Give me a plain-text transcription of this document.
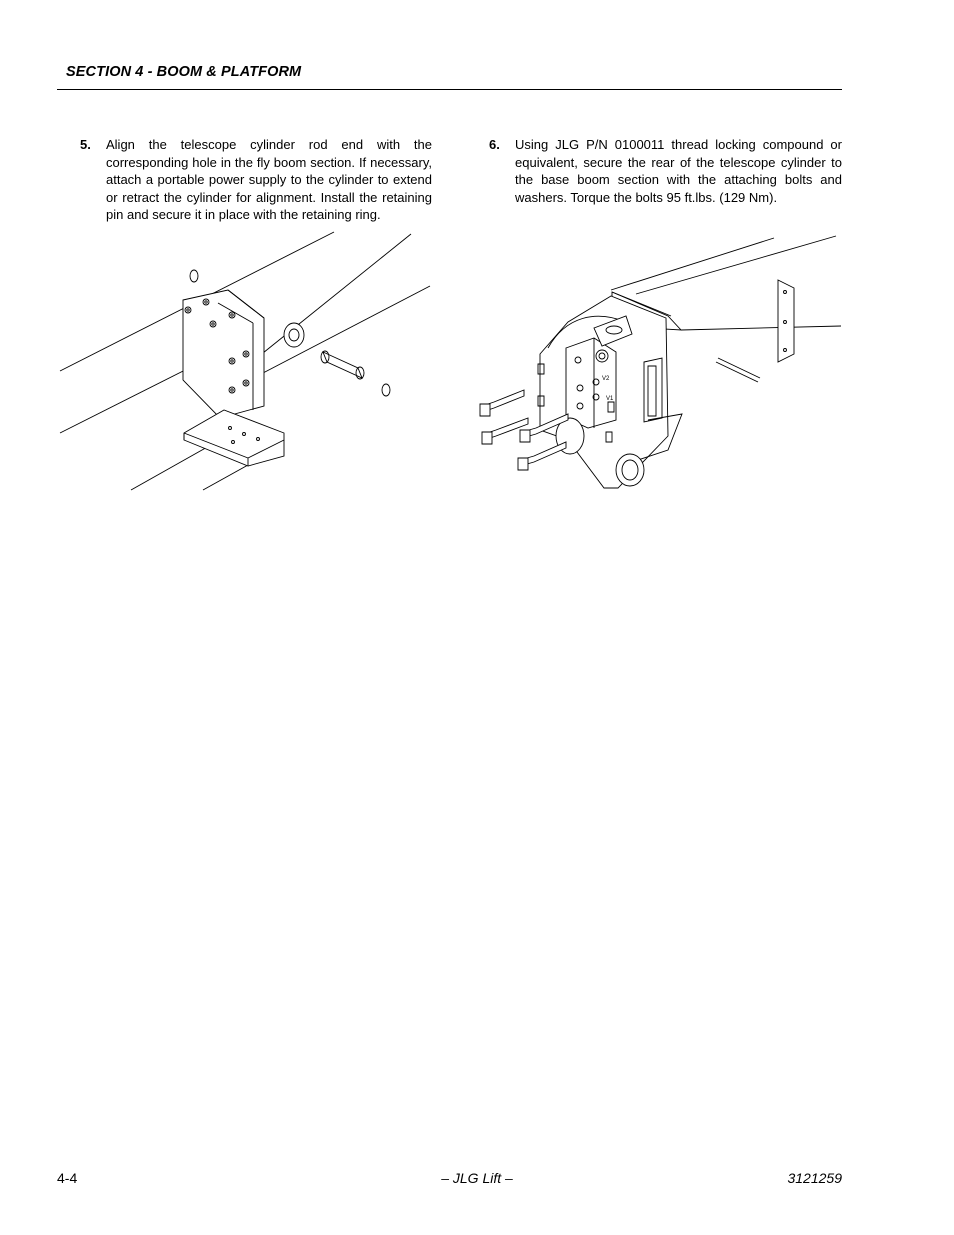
SECTION 4 - BOOM & PLATFORM
5. Align the telescope cylinder rod end with the corresponding hole in the fly boom section. If necessary, attach a portable power supply to the cylinder to extend or retract the cylinder for alignment. Install the retaining pin and secure it in place with the retaining ring.
6. Using JLG P/N 0100011 thread locking compound or equivalent, secure the rear of the telescope cylinder to the base boom section with the attaching bolts and washers. Torque the bolts 95 ft.lbs. (129 Nm).
V2
V1
4-4	– JLG Lift –	3121259
